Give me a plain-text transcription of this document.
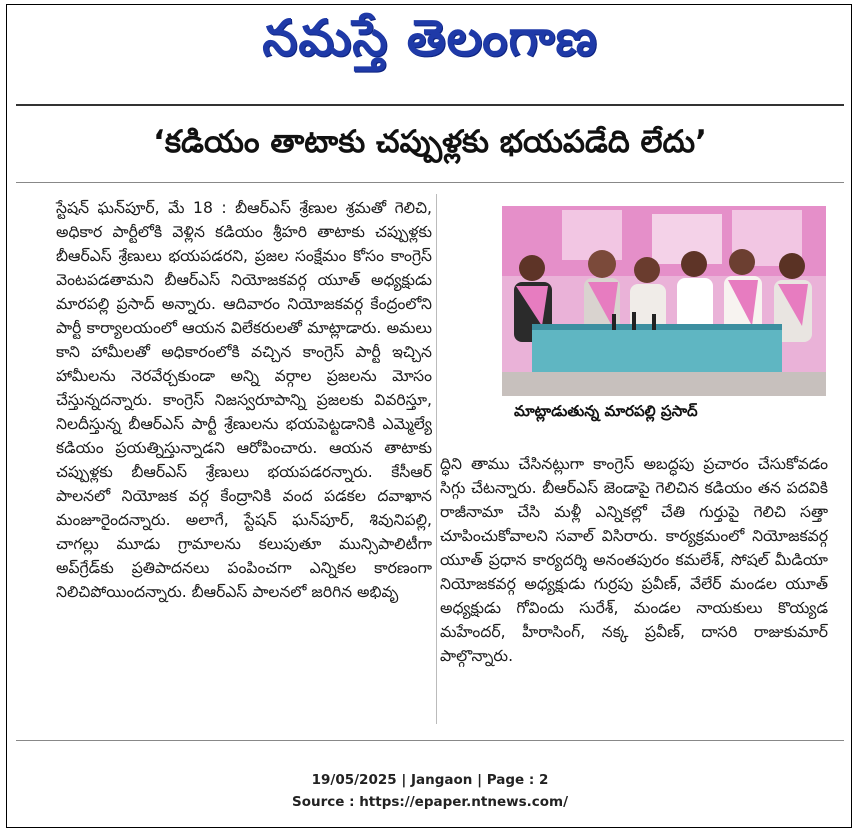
నమస్తే తెలంగాణ
‘కడియం తాటాకు చప్పుళ్లకు భయపడేది లేదు’

స్టేషన్ ఘన్‌పూర్, మే 18 : బీఆర్ఎస్ శ్రేణుల శ్రమతో గెలిచి, అధికార పార్టీలోకి వెళ్లిన కడియం శ్రీహరి తాటాకు చప్పుళ్లకు బీఆర్ఎస్ శ్రేణులు భయపడరని, ప్రజల సంక్షేమం కోసం కాంగ్రెస్ వెంటపడతామని బీఆర్ఎస్ నియోజకవర్గ యూత్ అధ్యక్షుడు మారపల్లి ప్రసాద్ అన్నారు. ఆదివారం నియోజకవర్గ కేంద్రంలోని పార్టీ కార్యాలయంలో ఆయన విలేకరులతో మాట్లాడారు. అమలు కాని హామీలతో అధికారంలోకి వచ్చిన కాంగ్రెస్ పార్టీ ఇచ్చిన హామీలను నెరవేర్చకుండా అన్ని వర్గాల ప్రజలను మోసం చేస్తున్నదన్నారు. కాంగ్రెస్ నిజస్వరూపాన్ని ప్రజలకు వివరిస్తూ, నిలదీస్తున్న బీఆర్ఎస్ పార్టీ శ్రేణులను భయపెట్టడానికి ఎమ్మెల్యే కడియం ప్రయత్నిస్తున్నాడని ఆరోపించారు. ఆయన తాటాకు చప్పుళ్లకు బీఆర్ఎస్ శ్రేణులు భయపడరన్నారు. కేసీఆర్ పాలనలో నియోజక వర్గ కేంద్రానికి వంద పడకల దవాఖాన మంజూరైందన్నారు. అలాగే, స్టేషన్ ఘన్‌పూర్, శివునిపల్లి, చాగల్లు మూడు గ్రామాలను కలుపుతూ మున్సిపాలిటీగా అప్‌గ్రేడ్‌కు ప్రతిపాదనలు పంపించగా ఎన్నికల కారణంగా నిలిచిపోయిందన్నారు. బీఆర్ఎస్ పాలనలో జరిగిన అభివృ

మాట్లాడుతున్న మారపల్లి ప్రసాద్

ద్ధిని తాము చేసినట్లుగా కాంగ్రెస్ అబద్ధపు ప్రచారం చేసుకోవడం సిగ్గు చేటన్నారు. బీఆర్ఎస్ జెండాపై గెలిచిన కడియం తన పదవికి రాజీనామా చేసి మళ్లీ ఎన్నికల్లో చేతి గుర్తుపై గెలిచి సత్తా చూపించుకోవాలని సవాల్ విసిరారు. కార్యక్రమంలో నియోజకవర్గ యూత్ ప్రధాన కార్యదర్శి అనంతపురం కమలేశ్, సోషల్ మీడియా నియోజకవర్గ అధ్యక్షుడు గుర్రపు ప్రవీణ్, వేలేర్ మండల యూత్ అధ్యక్షుడు గోవిందు సురేశ్, మండల నాయకులు కొయ్యడ మహేందర్, హీరాసింగ్, నక్క ప్రవీణ్, దాసరి రాజుకుమార్ పాల్గొన్నారు.

19/05/2025 | Jangaon | Page : 2
Source : https://epaper.ntnews.com/
